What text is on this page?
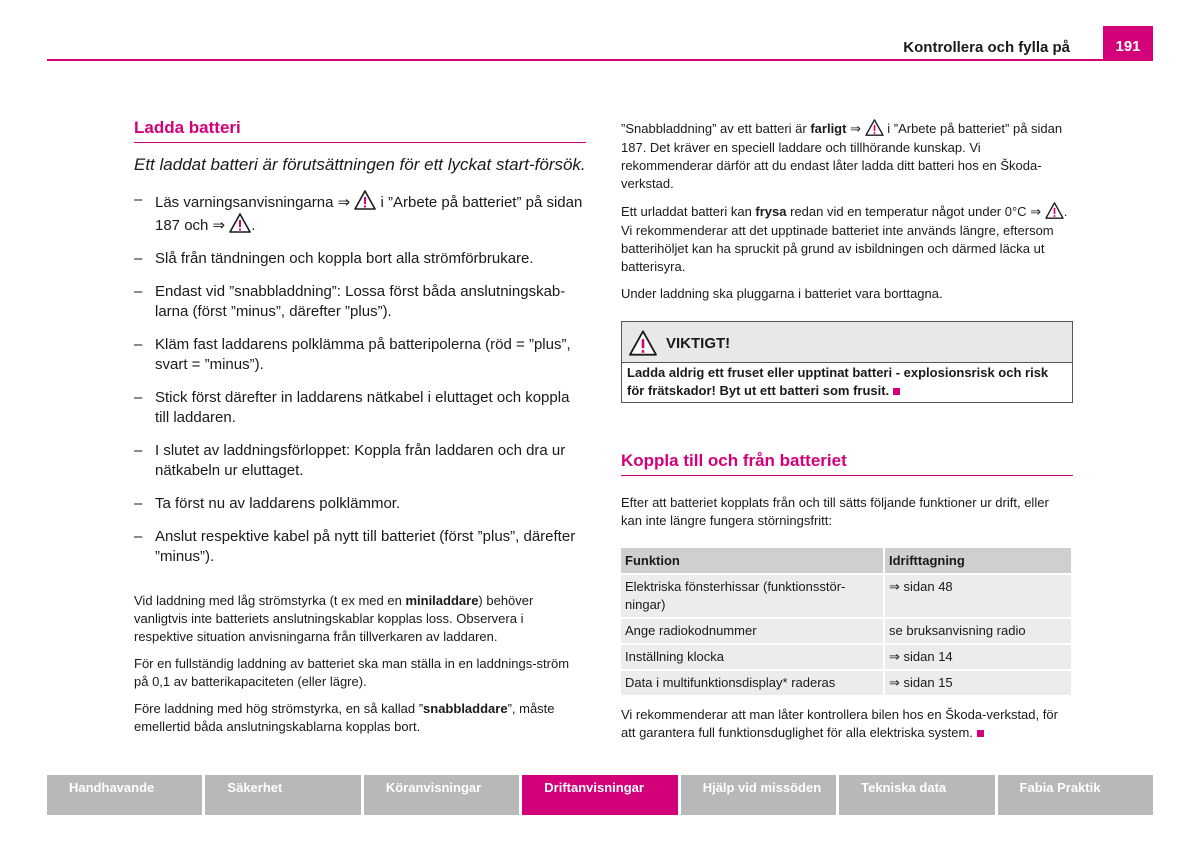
Kontrollera och fylla på	191
Ladda batteri
Ett laddat batteri är förutsättningen för ett lyckat start-försök.
– Läs varningsanvisningarna ⇒  i ”Arbete på batteriet” på sidan 187 och ⇒ .
– Slå från tändningen och koppla bort alla strömförbrukare.
– Endast vid ”snabbladdning”: Lossa först båda anslutningskab-larna (först ”minus”, därefter ”plus”).
– Kläm fast laddarens polklämma på batteripolerna (röd = ”plus”, svart = ”minus”).
– Stick först därefter in laddarens nätkabel i eluttaget och koppla till laddaren.
– I slutet av laddningsförloppet: Koppla från laddaren och dra ur nätkabeln ur eluttaget.
– Ta först nu av laddarens polklämmor.
– Anslut respektive kabel på nytt till batteriet (först ”plus”, därefter ”minus”).

Vid laddning med låg strömstyrka (t ex med en miniladdare) behöver vanligtvis inte batteriets anslutningskablar kopplas loss. Observera i respektive situation anvisningarna från tillverkaren av laddaren.

För en fullständig laddning av batteriet ska man ställa in en laddnings-ström på 0,1 av batterikapaciteten (eller lägre).

Före laddning med hög strömstyrka, en så kallad ”snabbladdare”, måste emellertid båda anslutningskablarna kopplas bort.

”Snabbladdning” av ett batteri är farligt ⇒  i ”Arbete på batteriet” på sidan 187. Det kräver en speciell laddare och tillhörande kunskap. Vi rekommenderar därför att du endast låter ladda ditt batteri hos en Škoda-verkstad.

Ett urladdat batteri kan frysa redan vid en temperatur något under 0°C ⇒ . Vi rekommenderar att det upptinade batteriet inte används längre, eftersom batterihöljet kan ha spruckit på grund av isbildningen och därmed läcka ut batterisyra.

Under laddning ska pluggarna i batteriet vara borttagna.

VIKTIGT!
Ladda aldrig ett fruset eller upptinat batteri - explosionsrisk och risk för frätskador! Byt ut ett batteri som frusit.
Koppla till och från batteriet

Efter att batteriet kopplats från och till sätts följande funktioner ur drift, eller kan inte längre fungera störningsfritt:

Funktion	Idrifttagning
Elektriska fönsterhissar (funktionsstör-ningar)	⇒ sidan 48
Ange radiokodnummer	se bruksanvisning radio
Inställning klocka	⇒ sidan 14
Data i multifunktionsdisplay* raderas	⇒ sidan 15

Vi rekommenderar att man låter kontrollera bilen hos en Škoda-verkstad, för att garantera full funktionsduglighet för alla elektriska system.

Handhavande	Säkerhet	Köranvisningar	Driftanvisningar	Hjälp vid missöden	Tekniska data	Fabia Praktik
